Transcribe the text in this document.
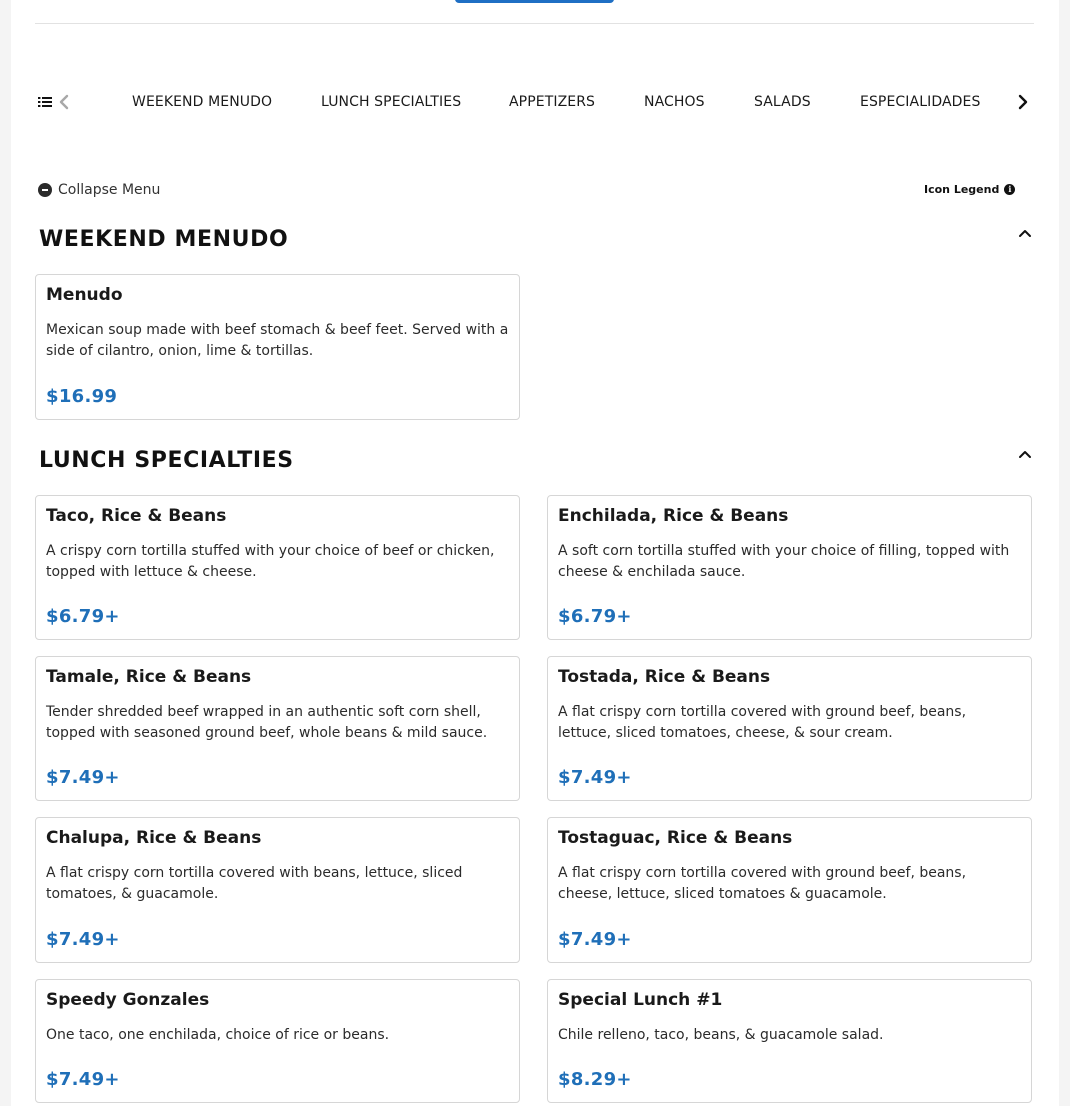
WEEKEND MENUDO	LUNCH SPECIALTIES	APPETIZERS	NACHOS	SALADS	ESPECIALIDADES
Collapse Menu	Icon Legend	i
WEEKEND MENUDO
Menudo
Mexican soup made with beef stomach & beef feet. Served with a side of cilantro, onion, lime & tortillas.
$16.99
LUNCH SPECIALTIES
Taco, Rice & Beans
A crispy corn tortilla stuffed with your choice of beef or chicken, topped with lettuce & cheese.
$6.79+
Enchilada, Rice & Beans
A soft corn tortilla stuffed with your choice of filling, topped with cheese & enchilada sauce.
$6.79+
Tamale, Rice & Beans
Tender shredded beef wrapped in an authentic soft corn shell, topped with seasoned ground beef, whole beans & mild sauce.
$7.49+
Tostada, Rice & Beans
A flat crispy corn tortilla covered with ground beef, beans, lettuce, sliced tomatoes, cheese, & sour cream.
$7.49+
Chalupa, Rice & Beans
A flat crispy corn tortilla covered with beans, lettuce, sliced tomatoes, & guacamole.
$7.49+
Tostaguac, Rice & Beans
A flat crispy corn tortilla covered with ground beef, beans, cheese, lettuce, sliced tomatoes & guacamole.
$7.49+
Speedy Gonzales
One taco, one enchilada, choice of rice or beans.
$7.49+
Special Lunch #1
Chile relleno, taco, beans, & guacamole salad.
$8.29+
